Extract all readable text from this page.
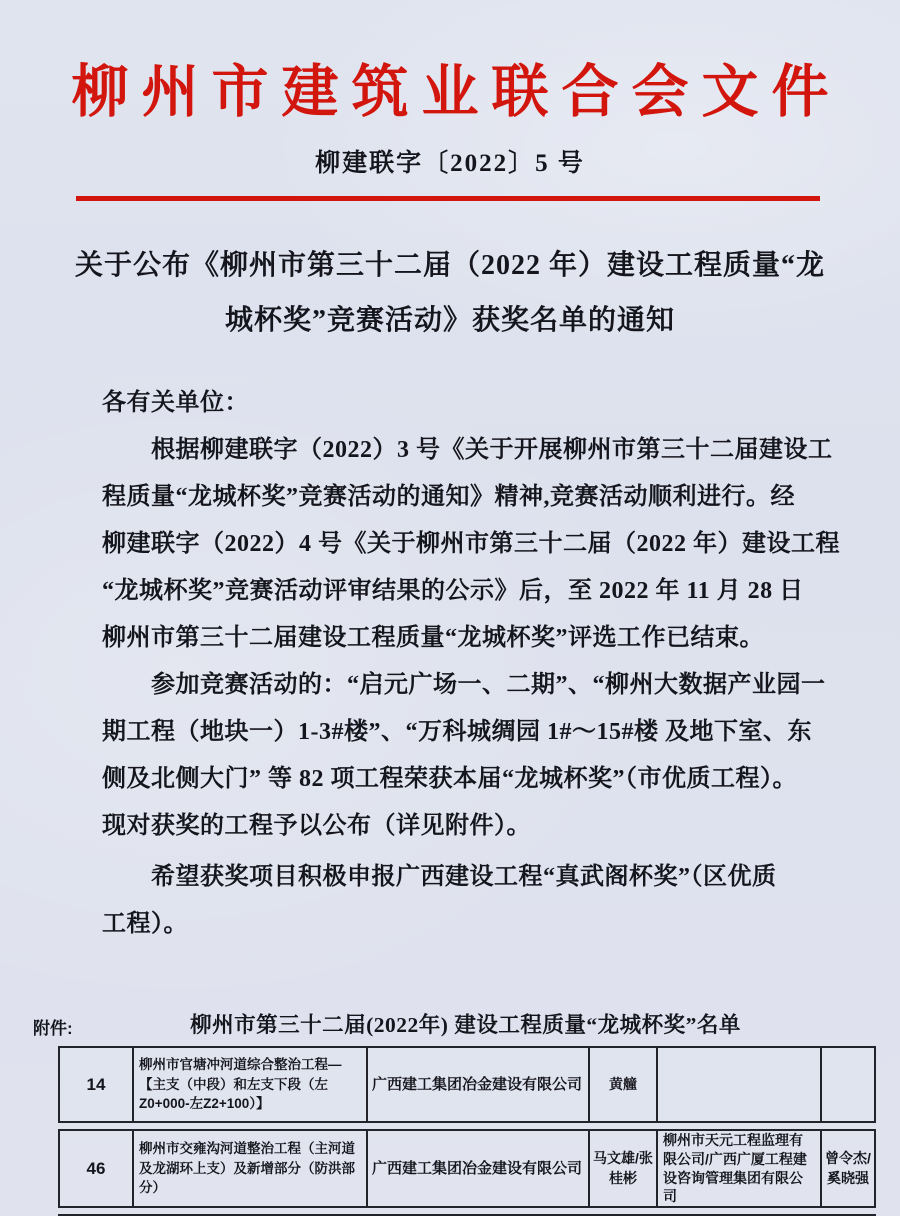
柳州市建筑业联合会文件
柳建联字〔2022〕5 号
关于公布《柳州市第三十二届（2022 年）建设工程质量“龙
城杯奖”竞赛活动》获奖名单的通知
各有关单位：
　　根据柳建联字（2022）3 号《关于开展柳州市第三十二届建设工
程质量“龙城杯奖”竞赛活动的通知》精神,竞赛活动顺利进行。经
柳建联字（2022）4 号《关于柳州市第三十二届（2022 年）建设工程
“龙城杯奖”竞赛活动评审结果的公示》后，至 2022 年 11 月 28 日
柳州市第三十二届建设工程质量“龙城杯奖”评选工作已结束。
　　参加竞赛活动的：“启元广场一、二期”、“柳州大数据产业园一
期工程（地块一）1-3#楼”、“万科城绸园 1#～15#楼 及地下室、东
侧及北侧大门” 等 82 项工程荣获本届“龙城杯奖”（市优质工程）。
现对获奖的工程予以公布（详见附件）。
　　希望获奖项目积极申报广西建设工程“真武阁杯奖”（区优质
工程）。
附件:	柳州市第三十二届(2022年) 建设工程质量“龙城杯奖”名单
14
柳州市官塘冲河道综合整治工程—【主支（中段）和左支下段（左Z0+000-左Z2+100）】
广西建工集团冶金建设有限公司 黄艟
46
柳州市交雍沟河道整治工程（主河道及龙湖环上支）及新增部分（防洪部分）
广西建工集团冶金建设有限公司
马文雄/张桂彬
柳州市天元工程监理有限公司/广西广厦工程建设咨询管理集团有限公司
曾令杰/奚晓强
